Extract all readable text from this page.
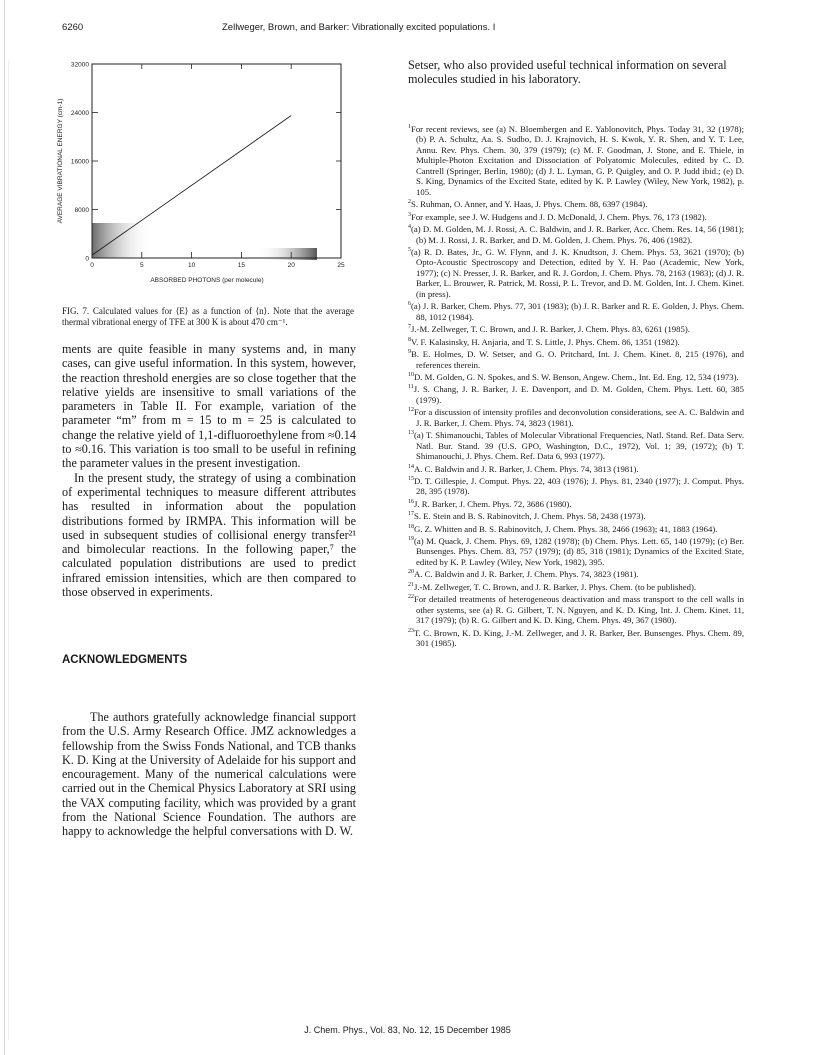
6260	Zellweger, Brown, and Barker: Vibrationally excited populations. I
0	5	10	15	20	25
0
8000
16000
24000
32000
ABSORBED PHOTONS (per molecule)
AVERAGE VIBRATIONAL ENERGY (cm-1)
FIG. 7. Calculated values for ⟨E⟩ as a function of ⟨n⟩. Note that the average thermal vibrational energy of TFE at 300 K is about 470 cm⁻¹.

ments are quite feasible in many systems and, in many cases, can give useful information. In this system, however, the reaction threshold energies are so close together that the relative yields are insensitive to small variations of the parameters in Table II. For example, variation of the parameter “m” from m = 15 to m = 25 is calculated to change the relative yield of 1,1-difluoroethylene from ≈0.14 to ≈0.16. This variation is too small to be useful in refining the parameter values in the present investigation.

In the present study, the strategy of using a combination of experimental techniques to measure different attributes has resulted in information about the population distributions formed by IRMPA. This information will be used in subsequent studies of collisional energy transfer²¹ and bimolecular reactions. In the following paper,⁷ the calculated population distributions are used to predict infrared emission intensities, which are then compared to those observed in experiments.

ACKNOWLEDGMENTS

The authors gratefully acknowledge financial support from the U.S. Army Research Office. JMZ acknowledges a fellowship from the Swiss Fonds National, and TCB thanks K. D. King at the University of Adelaide for his support and encouragement. Many of the numerical calculations were carried out in the Chemical Physics Laboratory at SRI using the VAX computing facility, which was provided by a grant from the National Science Foundation. The authors are happy to acknowledge the helpful conversations with D. W.

Setser, who also provided useful technical information on several molecules studied in his laboratory.

$^1$For recent reviews, see (a) N. Bloembergen and E. Yablonovitch, Phys. Today 31, 32 (1978); (b) P. A. Schultz, Aa. S. Sudbo, D. J. Krajnovich, H. S. Kwok, Y. R. Shen, and Y. T. Lee, Annu. Rev. Phys. Chem. 30, 379 (1979); (c) M. F. Goodman, J. Stone, and E. Thiele, in Multiple-Photon Excitation and Dissociation of Polyatomic Molecules, edited by C. D. Cantrell (Springer, Berlin, 1980); (d) J. L. Lyman, G. P. Quigley, and O. P. Judd ibid.; (e) D. S. King, Dynamics of the Excited State, edited by K. P. Lawley (Wiley, New York, 1982), p. 105.
$^2$S. Ruhman, O. Anner, and Y. Haas, J. Phys. Chem. 88, 6397 (1984).
$^3$For example, see J. W. Hudgens and J. D. McDonald, J. Chem. Phys. 76, 173 (1982).
$^4$(a) D. M. Golden, M. J. Rossi, A. C. Baldwin, and J. R. Barker, Acc. Chem. Res. 14, 56 (1981); (b) M. J. Rossi, J. R. Barker, and D. M. Golden, J. Chem. Phys. 76, 406 (1982).
$^5$(a) R. D. Bates, Jr., G. W. Flynn, and J. K. Knudtson, J. Chem. Phys. 53, 3621 (1970); (b) Opto-Acoustic Spectroscopy and Detection, edited by Y. H. Pao (Academic, New York, 1977); (c) N. Presser, J. R. Barker, and R. J. Gordon, J. Chem. Phys. 78, 2163 (1983); (d) J. R. Barker, L. Brouwer, R. Patrick, M. Rossi, P. L. Trevor, and D. M. Golden, Int. J. Chem. Kinet. (in press).
$^6$(a) J. R. Barker, Chem. Phys. 77, 301 (1983); (b) J. R. Barker and R. E. Golden, J. Phys. Chem. 88, 1012 (1984).
$^7$J.-M. Zellweger, T. C. Brown, and J. R. Barker, J. Chem. Phys. 83, 6261 (1985).
$^8$V. F. Kalasinsky, H. Anjaria, and T. S. Little, J. Phys. Chem. 86, 1351 (1982).
$^9$B. E. Holmes, D. W. Setser, and G. O. Pritchard, Int. J. Chem. Kinet. 8, 215 (1976), and references therein.
$^{10}$D. M. Golden, G. N. Spokes, and S. W. Benson, Angew. Chem., Int. Ed. Eng. 12, 534 (1973).
$^{11}$J. S. Chang, J. R. Barker, J. E. Davenport, and D. M. Golden, Chem. Phys. Lett. 60, 385 (1979).
$^{12}$For a discussion of intensity profiles and deconvolution considerations, see A. C. Baldwin and J. R. Barker, J. Chem. Phys. 74, 3823 (1981).
$^{13}$(a) T. Shimanouchi, Tables of Molecular Vibrational Frequencies, Natl. Stand. Ref. Data Serv. Natl. Bur. Stand. 39 (U.S. GPO, Washington, D.C., 1972), Vol. 1; 39, (1972); (b) T. Shimanouchi, J. Phys. Chem. Ref. Data 6, 993 (1977).
$^{14}$A. C. Baldwin and J. R. Barker, J. Chem. Phys. 74, 3813 (1981).
$^{15}$D. T. Gillespie, J. Comput. Phys. 22, 403 (1976); J. Phys. 81, 2340 (1977); J. Comput. Phys. 28, 395 (1978).
$^{16}$J. R. Barker, J. Chem. Phys. 72, 3686 (1980).
$^{17}$S. E. Stein and B. S. Rabinovitch, J. Chem. Phys. 58, 2438 (1973).
$^{18}$G. Z. Whitten and B. S. Rabinovitch, J. Chem. Phys. 38, 2466 (1963); 41, 1883 (1964).
$^{19}$(a) M. Quack, J. Chem. Phys. 69, 1282 (1978); (b) Chem. Phys. Lett. 65, 140 (1979); (c) Ber. Bunsenges. Phys. Chem. 83, 757 (1979); (d) 85, 318 (1981); Dynamics of the Excited State, edited by K. P. Lawley (Wiley, New York, 1982), 395.
$^{20}$A. C. Baldwin and J. R. Barker, J. Chem. Phys. 74, 3823 (1981).
$^{21}$J.-M. Zellweger, T. C. Brown, and J. R. Barker, J. Phys. Chem. (to be published).
$^{22}$For detailed treatments of heterogeneous deactivation and mass transport to the cell walls in other systems, see (a) R. G. Gilbert, T. N. Nguyen, and K. D. King, Int. J. Chem. Kinet. 11, 317 (1979); (b) R. G. Gilbert and K. D. King, Chem. Phys. 49, 367 (1980).
$^{23}$T. C. Brown, K. D. King, J.-M. Zellweger, and J. R. Barker, Ber. Bunsenges. Phys. Chem. 89, 301 (1985).
J. Chem. Phys., Vol. 83, No. 12, 15 December 1985
